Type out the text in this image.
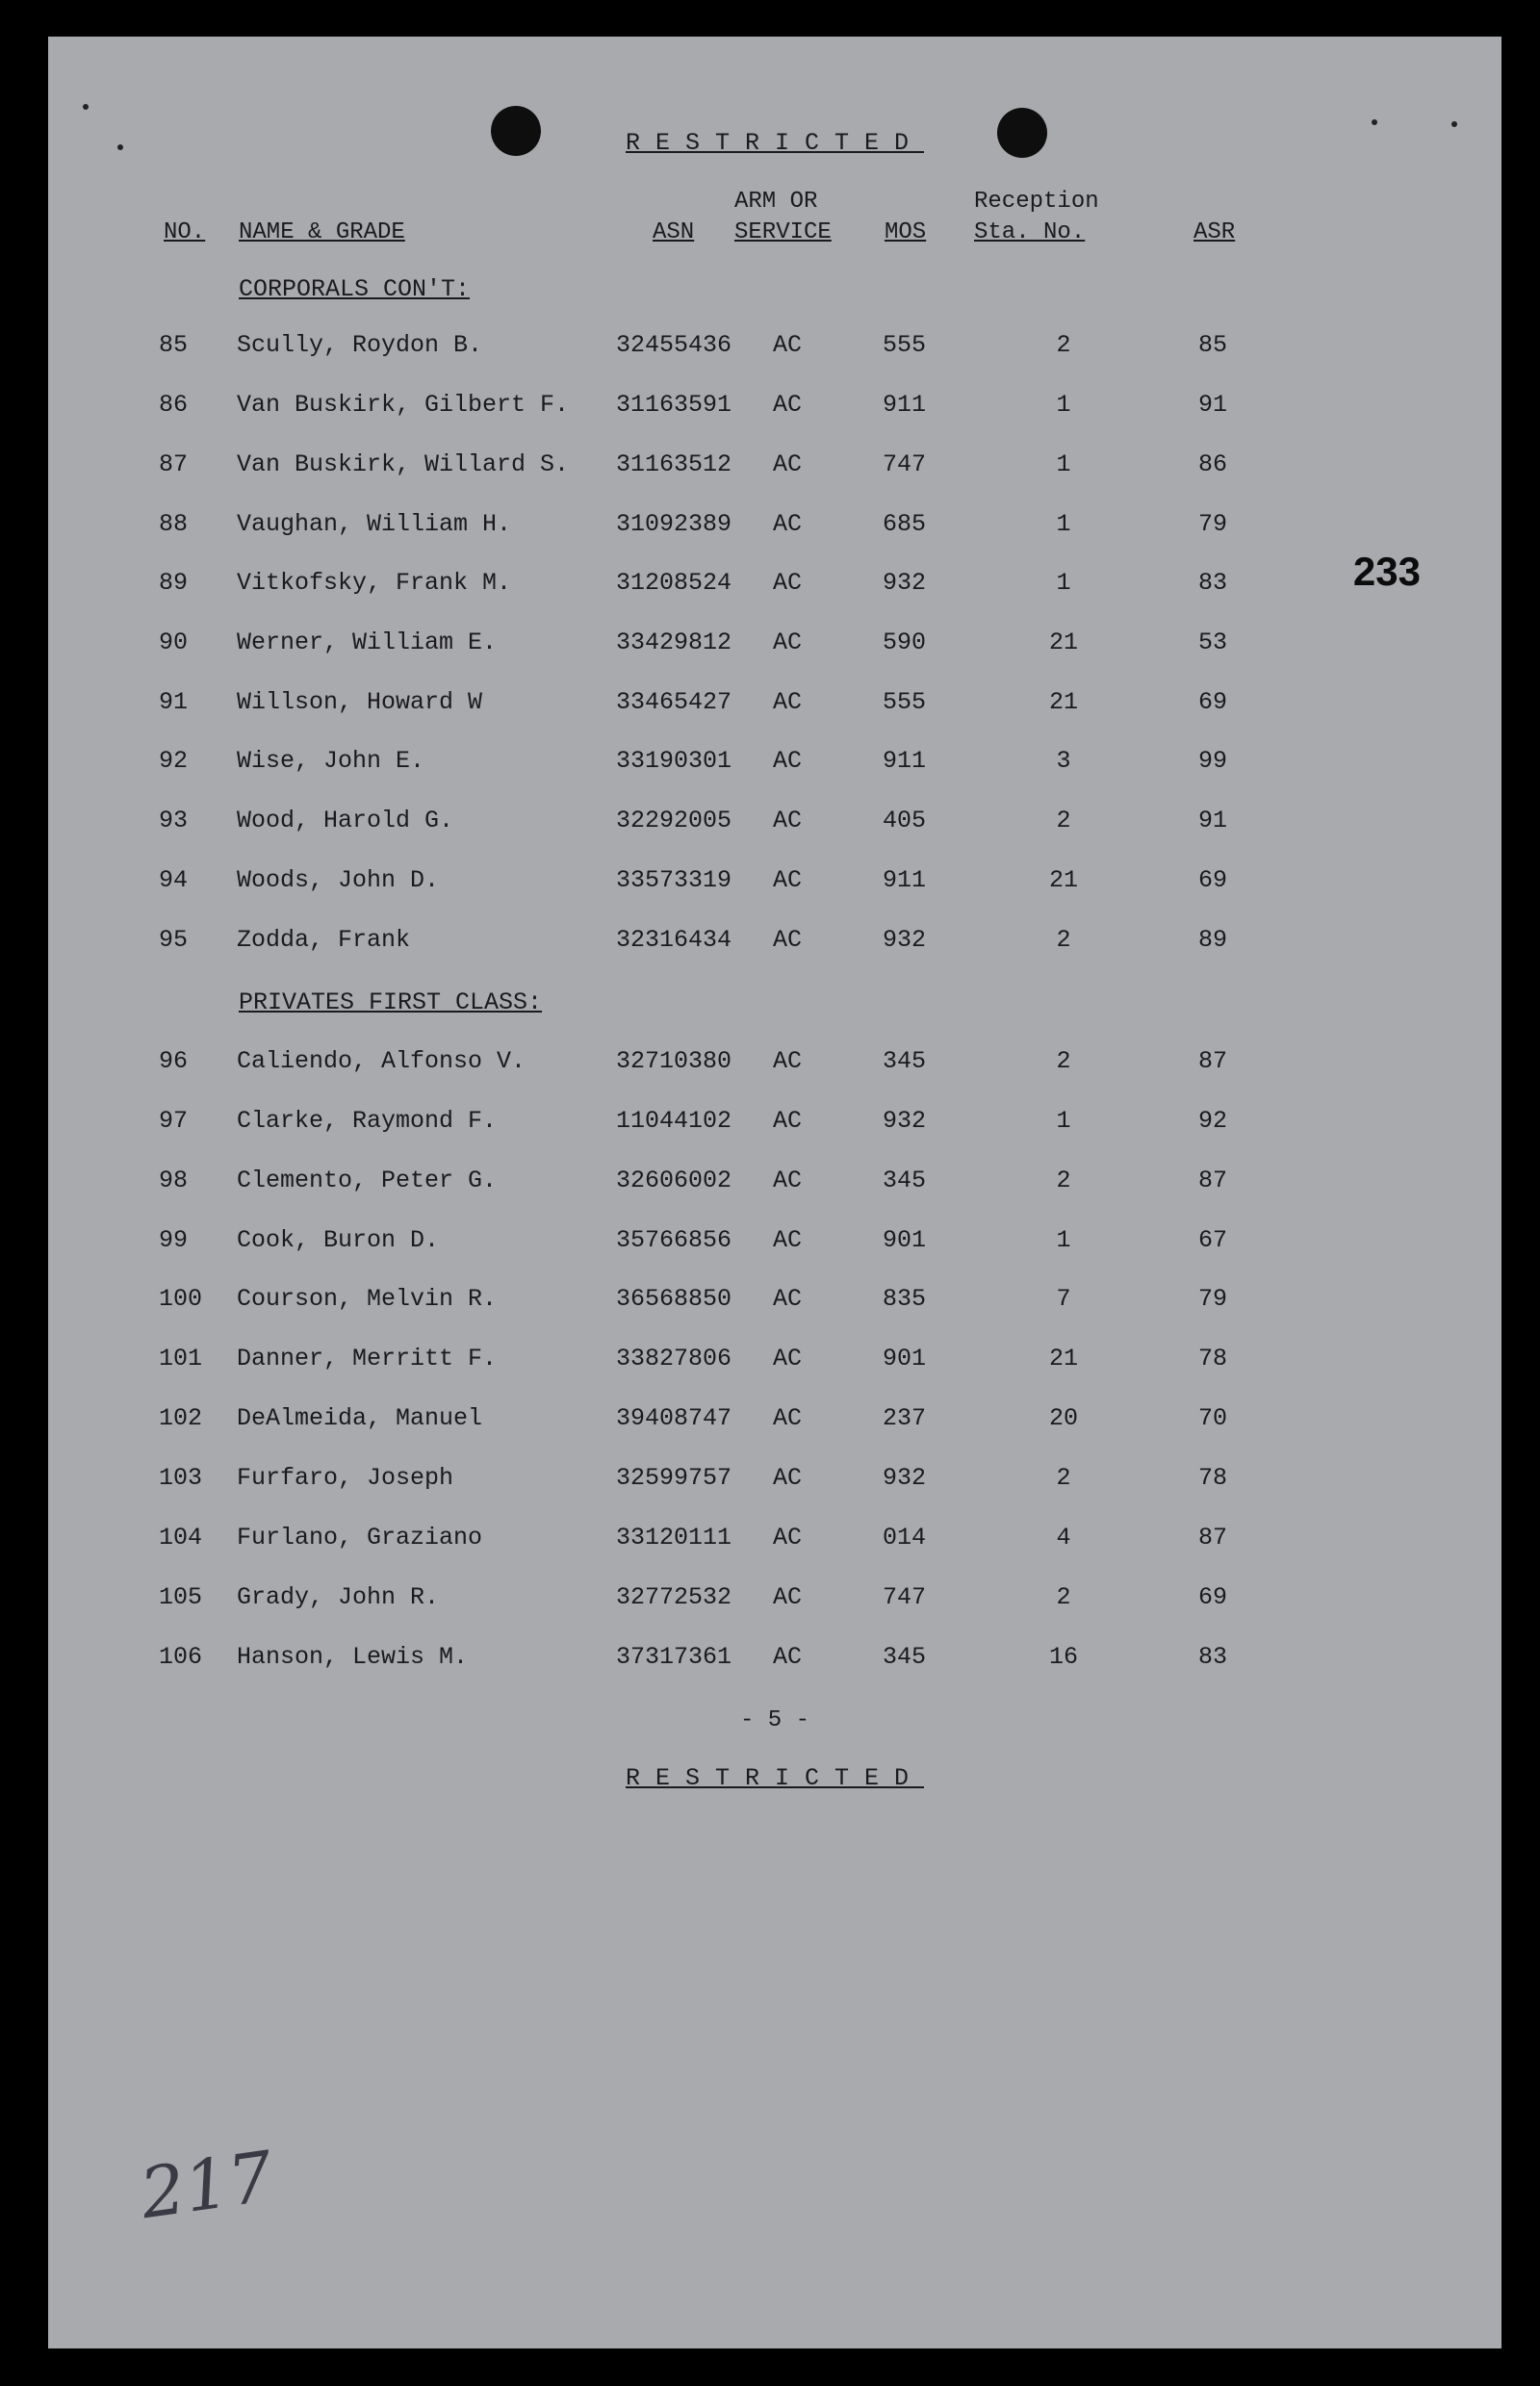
RESTRICTED
NO. NAME & GRADE	ASN
ARM OR
SERVICE MOS
Reception
Sta. No.	ASR
CORPORALS CON'T:
85 Scully, Roydon B.	32455436 AC	555	2	85
86 Van Buskirk, Gilbert F. 31163591 AC	911	1	91
87 Van Buskirk, Willard S. 31163512 AC	747	1	86
88 Vaughan, William H.	31092389 AC	685	1	79
89 Vitkofsky, Frank M.	31208524 AC	932	1	83
90 Werner, William E.	33429812 AC	590	21	53
91 Willson, Howard W	33465427 AC	555	21	69
92 Wise, John E.	33190301 AC	911	3	99
93 Wood, Harold G.	32292005 AC	405	2	91
94 Woods, John D.	33573319 AC	911	21	69
95 Zodda, Frank	32316434 AC	932	2	89
PRIVATES FIRST CLASS:
96 Caliendo, Alfonso V.	32710380 AC	345	2	87
97 Clarke, Raymond F.	11044102 AC	932	1	92
98 Clemento, Peter G.	32606002 AC	345	2	87
99 Cook, Buron D.	35766856 AC	901	1	67
100 Courson, Melvin R.	36568850 AC	835	7	79
101 Danner, Merritt F.	33827806 AC	901	21	78
102 DeAlmeida, Manuel	39408747 AC	237	20	70
103 Furfaro, Joseph	32599757 AC	932	2	78
104 Furlano, Graziano	33120111 AC	014	4	87
105 Grady, John R.	32772532 AC	747	2	69
106 Hanson, Lewis M.	37317361 AC	345	16	83
- 5 -
RESTRICTED
233
217
